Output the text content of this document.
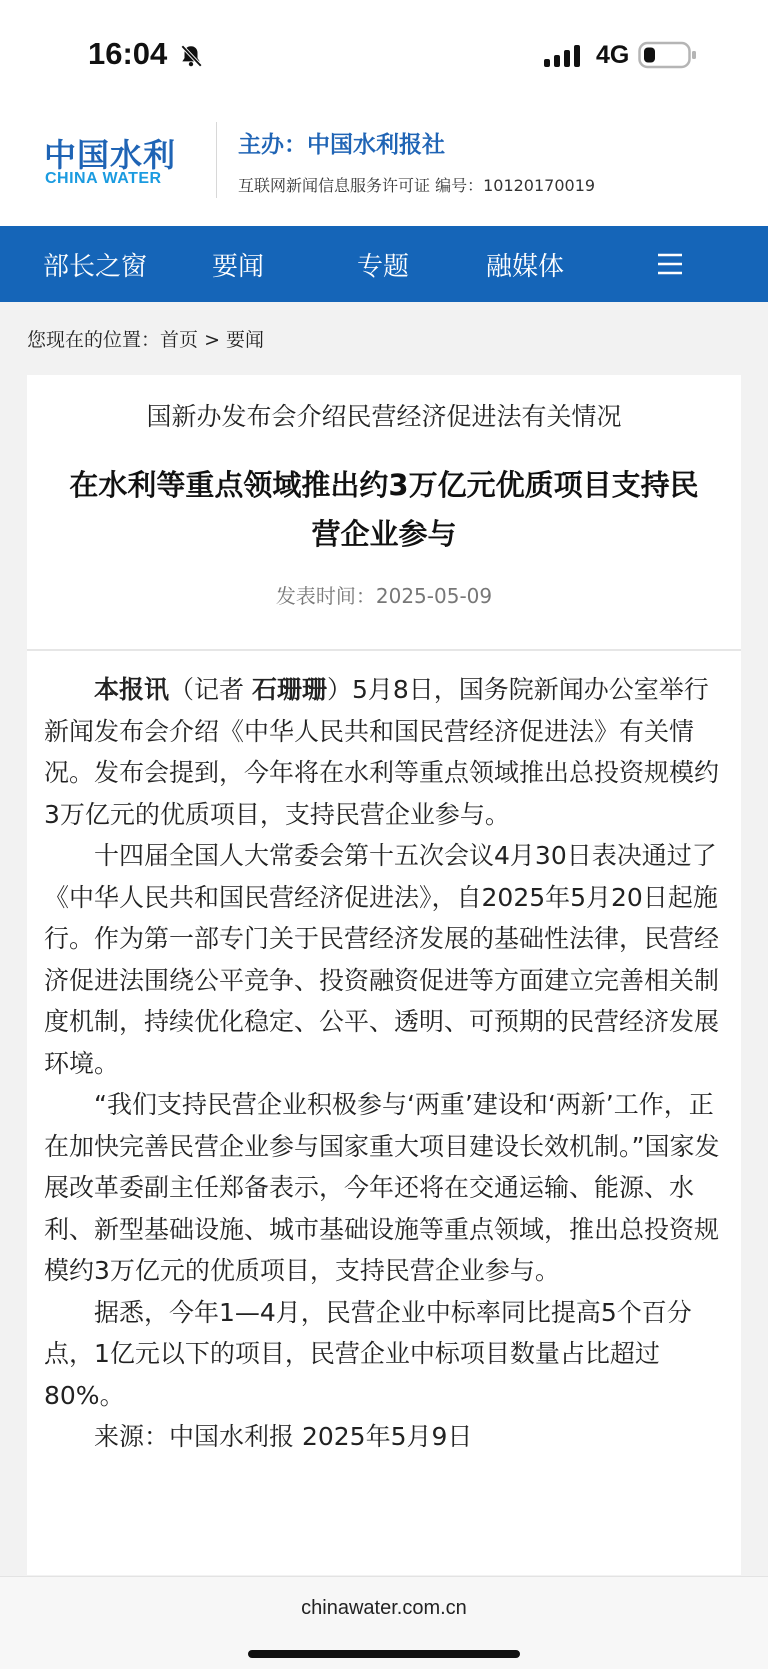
16:04	4G
中国水利
CHINA WATER
主办：中国水利报社
互联网新闻信息服务许可证 编号：10120170019
部长之窗 要闻	专题	融媒体
您现在的位置：首页 > 要闻
国新办发布会介绍民营经济促进法有关情况
在水利等重点领域推出约3万亿元优质项目支持民营企业参与
发表时间：2025-05-09

本报讯（记者 石珊珊）5月8日，国务院新闻办公室举行新闻发布会介绍《中华人民共和国民营经济促进法》有关情况。发布会提到，今年将在水利等重点领域推出总投资规模约3万亿元的优质项目，支持民营企业参与。

十四届全国人大常委会第十五次会议4月30日表决通过了《中华人民共和国民营经济促进法》，自2025年5月20日起施行。作为第一部专门关于民营经济发展的基础性法律，民营经济促进法围绕公平竞争、投资融资促进等方面建立完善相关制度机制，持续优化稳定、公平、透明、可预期的民营经济发展环境。

“我们支持民营企业积极参与‘两重’建设和‘两新’工作，正在加快完善民营企业参与国家重大项目建设长效机制。”国家发展改革委副主任郑备表示，今年还将在交通运输、能源、水利、新型基础设施、城市基础设施等重点领域，推出总投资规模约3万亿元的优质项目，支持民营企业参与。

据悉，今年1—4月，民营企业中标率同比提高5个百分点，1亿元以下的项目，民营企业中标项目数量占比超过80%。

来源：中国水利报 2025年5月9日

chinawater.com.cn
